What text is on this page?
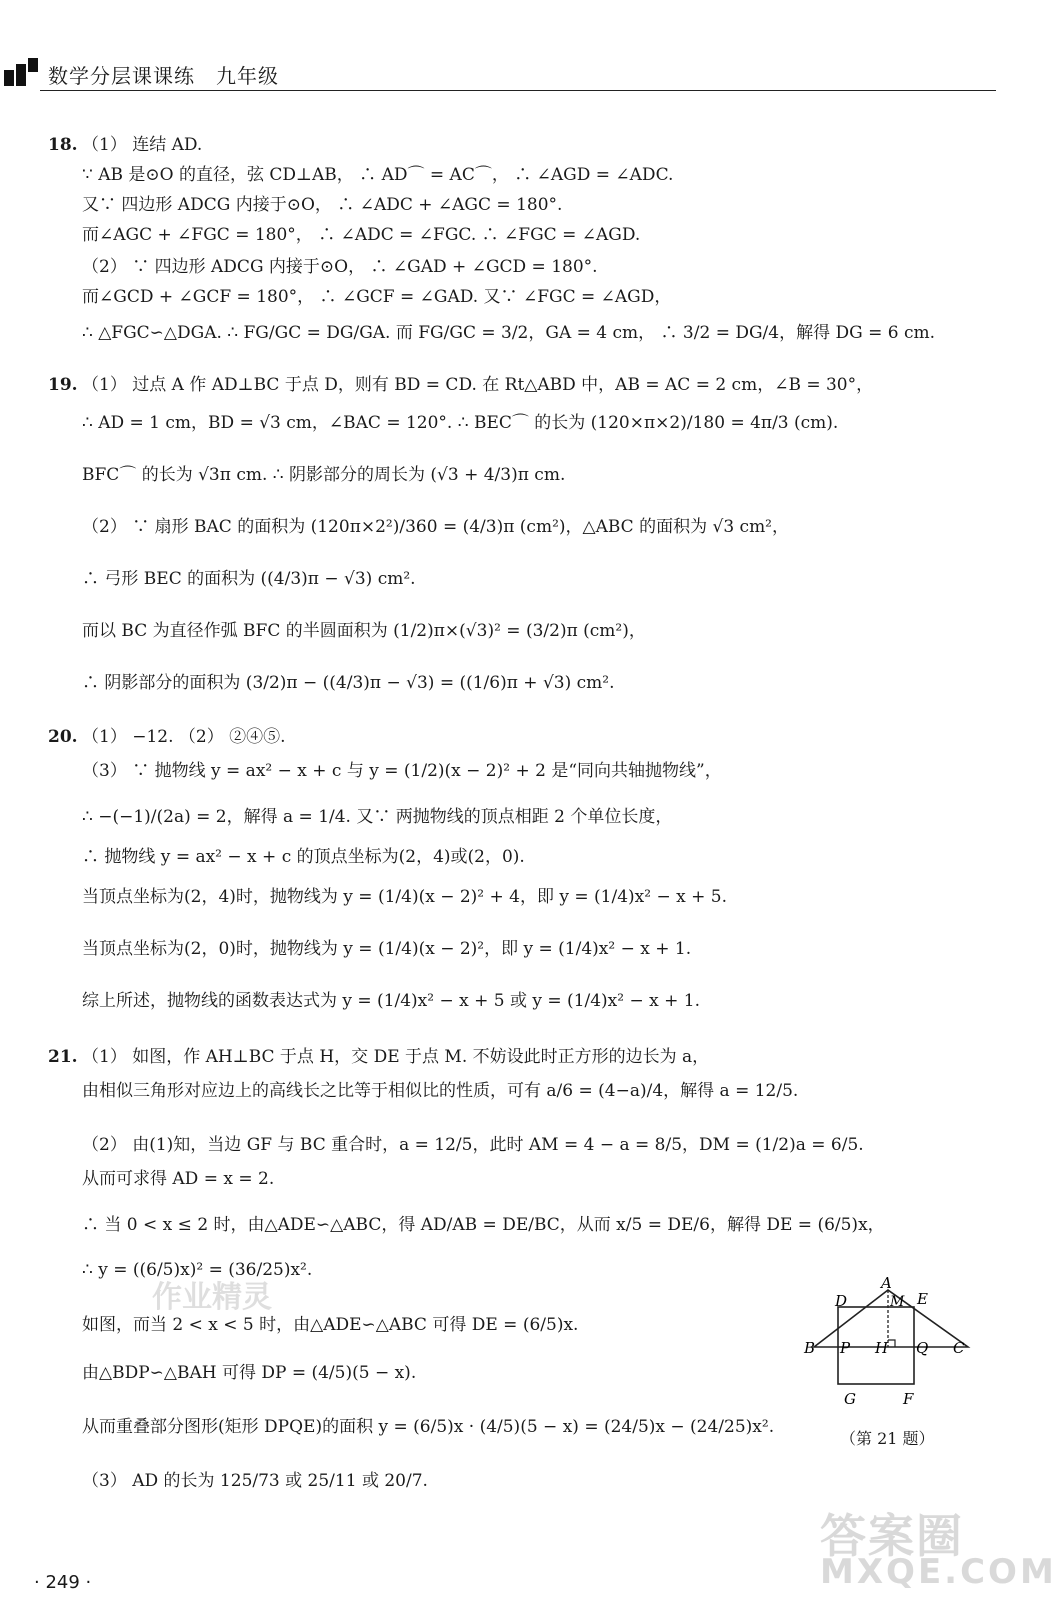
数学分层课课练　九年级
18. （1） 连结 AD.
∵ AB 是⊙O 的直径，弦 CD⊥AB， ∴ AD⌒ = AC⌒， ∴ ∠AGD = ∠ADC.
又∵ 四边形 ADCG 内接于⊙O， ∴ ∠ADC + ∠AGC = 180°.
而∠AGC + ∠FGC = 180°， ∴ ∠ADC = ∠FGC. ∴ ∠FGC = ∠AGD.
（2） ∵ 四边形 ADCG 内接于⊙O， ∴ ∠GAD + ∠GCD = 180°.
而∠GCD + ∠GCF = 180°， ∴ ∠GCF = ∠GAD. 又∵ ∠FGC = ∠AGD，
∴ △FGC∽△DGA. ∴ FG/GC = DG/GA. 而 FG/GC = 3/2，GA = 4 cm， ∴ 3/2 = DG/4，解得 DG = 6 cm.
19. （1） 过点 A 作 AD⊥BC 于点 D，则有 BD = CD. 在 Rt△ABD 中，AB = AC = 2 cm，∠B = 30°，
∴ AD = 1 cm，BD = √3 cm，∠BAC = 120°. ∴ BEC⌒ 的长为 (120×π×2)/180 = 4π/3 (cm).
BFC⌒ 的长为 √3π cm. ∴ 阴影部分的周长为 (√3 + 4/3)π cm.
（2） ∵ 扇形 BAC 的面积为 (120π×2²)/360 = (4/3)π (cm²)，△ABC 的面积为 √3 cm²，
∴ 弓形 BEC 的面积为 ((4/3)π − √3) cm².
而以 BC 为直径作弧 BFC 的半圆面积为 (1/2)π×(√3)² = (3/2)π (cm²)，
∴ 阴影部分的面积为 (3/2)π − ((4/3)π − √3) = ((1/6)π + √3) cm².
20. （1） −12. （2） ②④⑤.
（3） ∵ 抛物线 y = ax² − x + c 与 y = (1/2)(x − 2)² + 2 是“同向共轴抛物线”，
∴ −(−1)/(2a) = 2，解得 a = 1/4. 又∵ 两抛物线的顶点相距 2 个单位长度，
∴ 抛物线 y = ax² − x + c 的顶点坐标为(2，4)或(2，0).
当顶点坐标为(2，4)时，抛物线为 y = (1/4)(x − 2)² + 4，即 y = (1/4)x² − x + 5.
当顶点坐标为(2，0)时，抛物线为 y = (1/4)(x − 2)²，即 y = (1/4)x² − x + 1.
综上所述，抛物线的函数表达式为 y = (1/4)x² − x + 5 或 y = (1/4)x² − x + 1.
21. （1） 如图，作 AH⊥BC 于点 H，交 DE 于点 M. 不妨设此时正方形的边长为 a，
由相似三角形对应边上的高线长之比等于相似比的性质，可有 a/6 = (4−a)/4，解得 a = 12/5.
（2） 由(1)知，当边 GF 与 BC 重合时，a = 12/5，此时 AM = 4 − a = 8/5，DM = (1/2)a = 6/5.
从而可求得 AD = x = 2.
∴ 当 0 < x ≤ 2 时，由△ADE∽△ABC，得 AD/AB = DE/BC，从而 x/5 = DE/6，解得 DE = (6/5)x，
∴ y = ((6/5)x)² = (36/25)x².
如图，而当 2 < x < 5 时，由△ADE∽△ABC 可得 DE = (6/5)x.
由△BDP∽△BAH 可得 DP = (4/5)(5 − x).
从而重叠部分图形(矩形 DPQE)的面积 y = (6/5)x · (4/5)(5 − x) = (24/5)x − (24/25)x².
（3） AD 的长为 125/73 或 25/11 或 20/7.
A
M
D	E
B P H Q C
G	F
（第 21 题）
作业精灵
答案圈
MXQE.COM
· 249 ·
